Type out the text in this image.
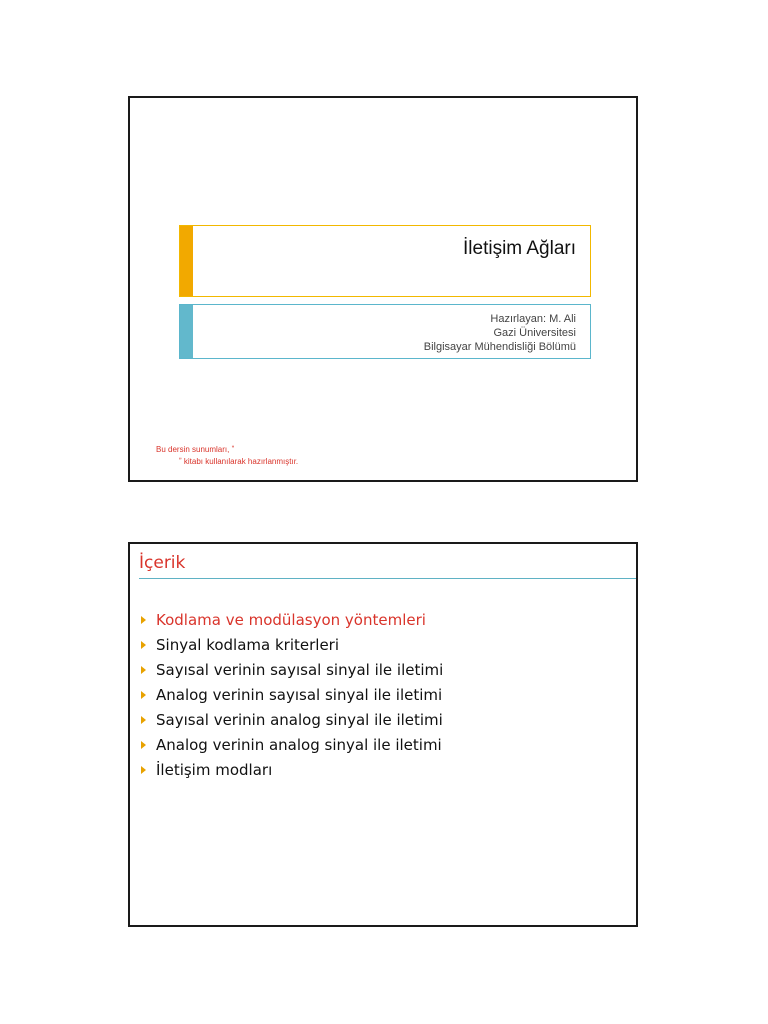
İletişim Ağları
Hazırlayan: M. Ali
Gazi Üniversitesi
Bilgisayar Mühendisliği Bölümü
Bu dersin sunumları, ˮ
ˮ kitabı kullanılarak hazırlanmıştır.
İçerik
Kodlama ve modülasyon yöntemleri
Sinyal kodlama kriterleri
Sayısal verinin sayısal sinyal ile iletimi
Analog verinin sayısal sinyal ile iletimi
Sayısal verinin analog sinyal ile iletimi
Analog verinin analog sinyal ile iletimi
İletişim modları
